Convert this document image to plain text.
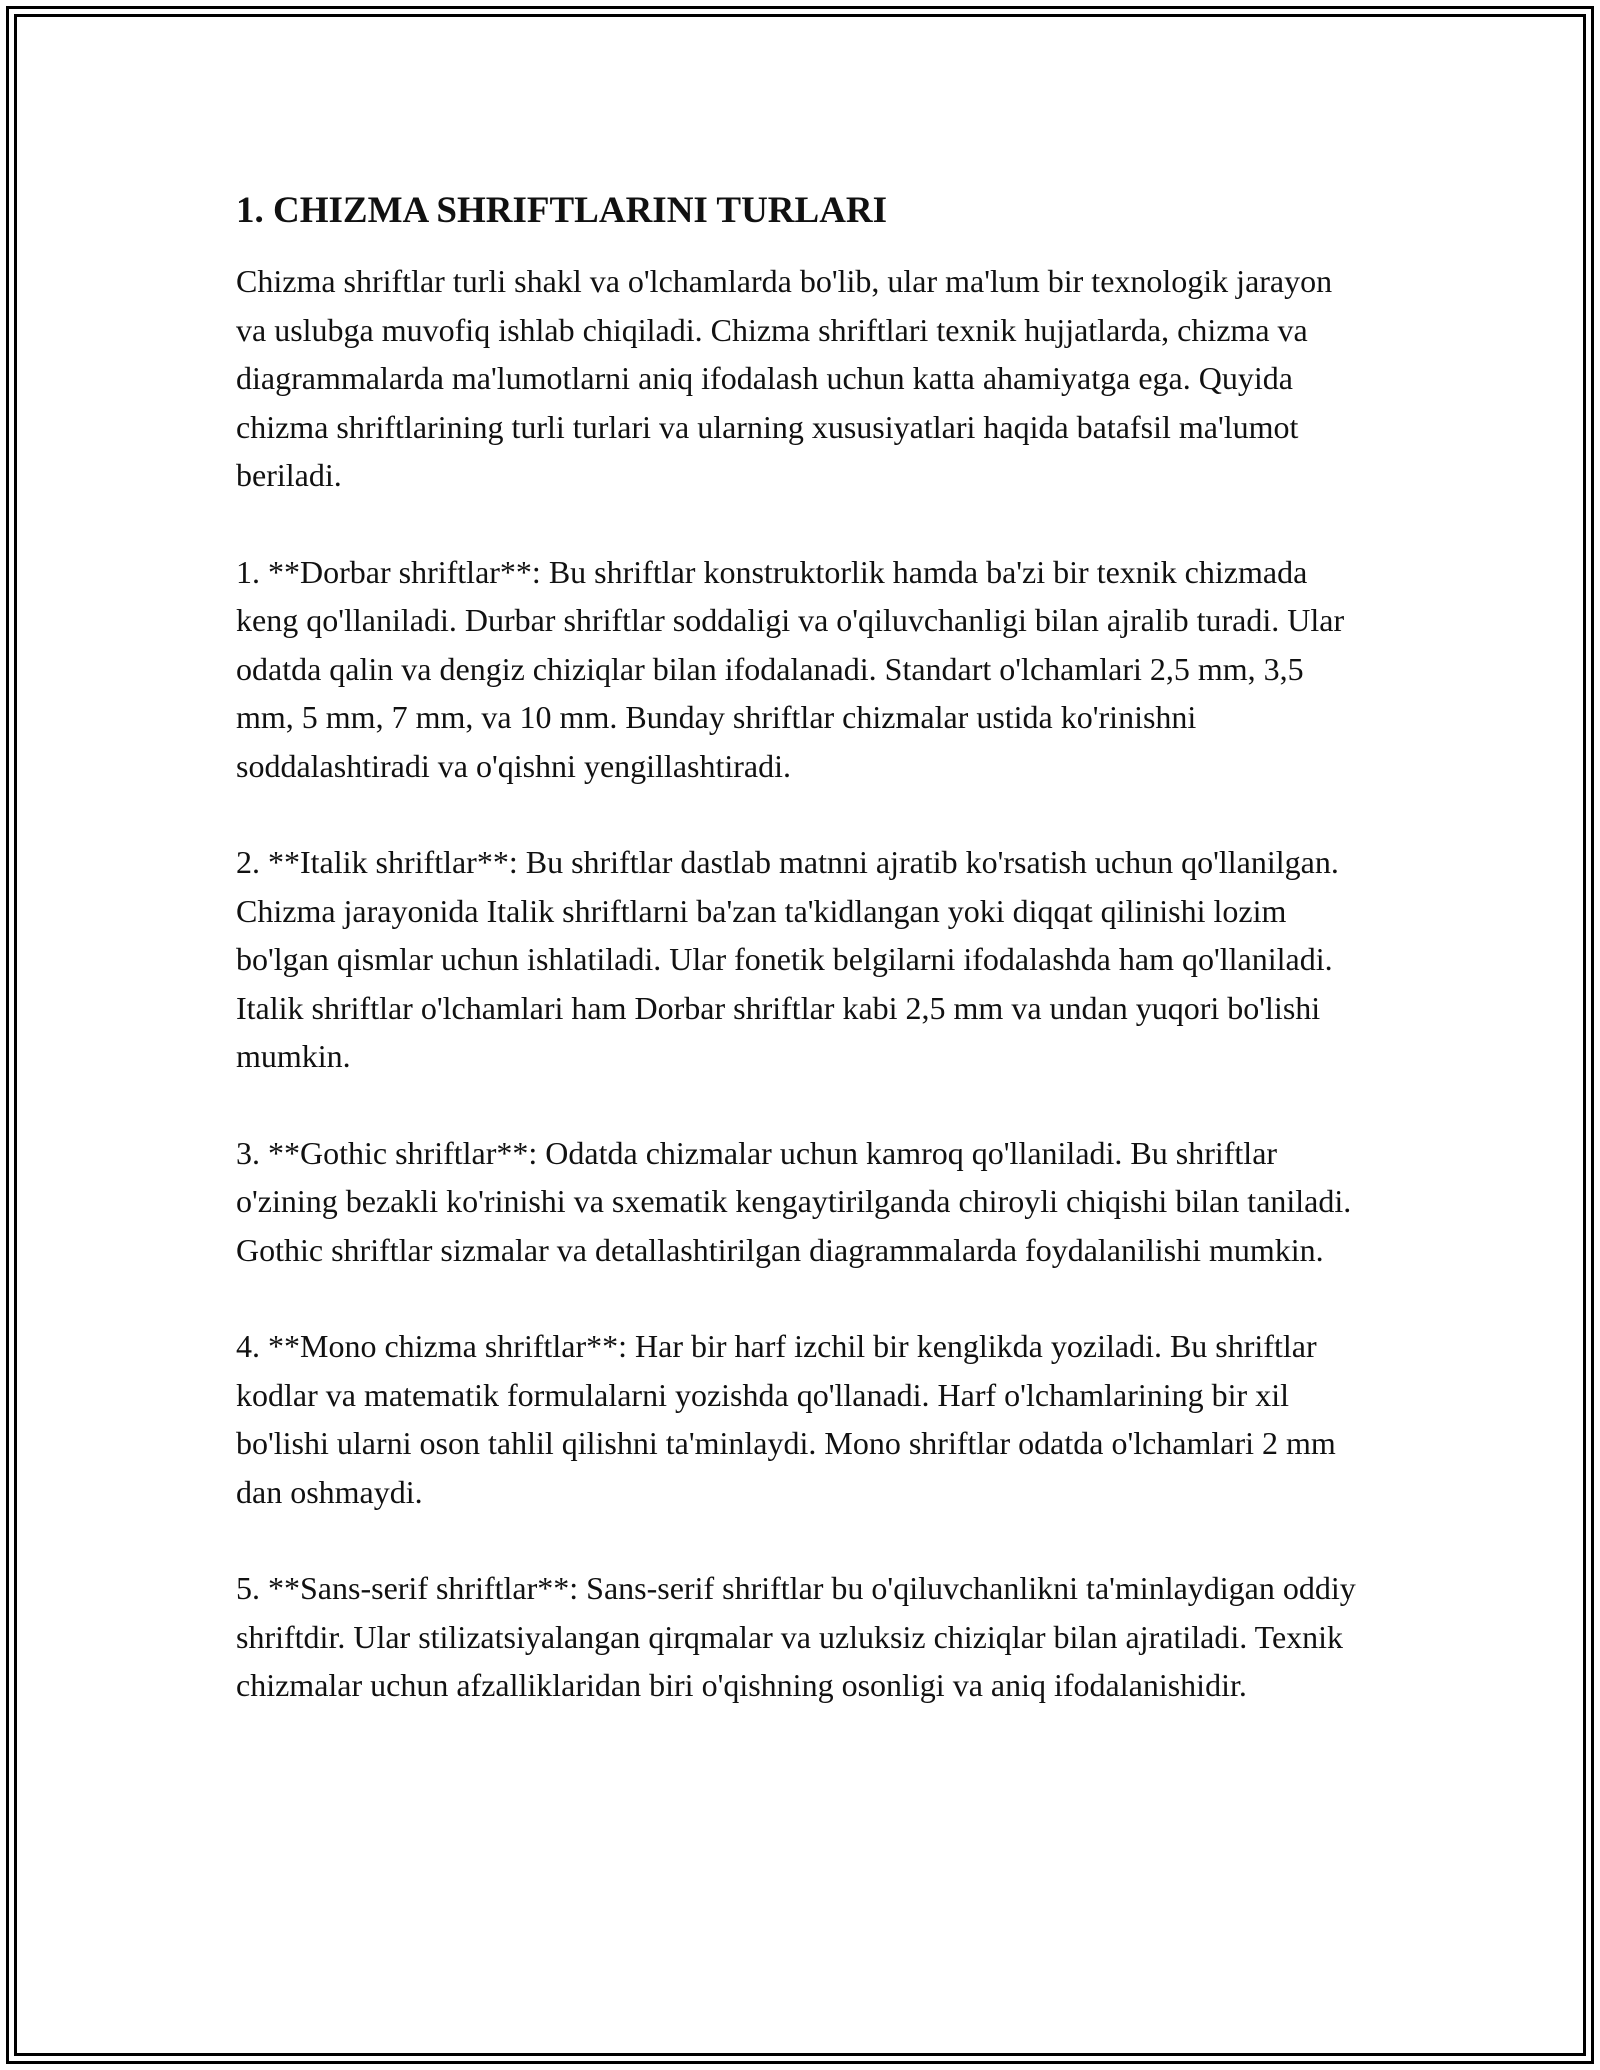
1. CHIZMA SHRIFTLARINI TURLARI

Chizma shriftlar turli shakl va o'lchamlarda bo'lib, ular ma'lum bir texnologik jarayon va uslubga muvofiq ishlab chiqiladi. Chizma shriftlari texnik hujjatlarda, chizma va diagrammalarda ma'lumotlarni aniq ifodalash uchun katta ahamiyatga ega. Quyida chizma shriftlarining turli turlari va ularning xususiyatlari haqida batafsil ma'lumot beriladi.

1. **Dorbar shriftlar**: Bu shriftlar konstruktorlik hamda ba'zi bir texnik chizmada keng qo'llaniladi. Durbar shriftlar soddaligi va o'qiluvchanligi bilan ajralib turadi. Ular odatda qalin va dengiz chiziqlar bilan ifodalanadi. Standart o'lchamlari 2,5 mm, 3,5 mm, 5 mm, 7 mm, va 10 mm. Bunday shriftlar chizmalar ustida ko'rinishni soddalashtiradi va o'qishni yengillashtiradi.

2. **Italik shriftlar**: Bu shriftlar dastlab matnni ajratib ko'rsatish uchun qo'llanilgan. Chizma jarayonida Italik shriftlarni ba'zan ta'kidlangan yoki diqqat qilinishi lozim bo'lgan qismlar uchun ishlatiladi. Ular fonetik belgilarni ifodalashda ham qo'llaniladi. Italik shriftlar o'lchamlari ham Dorbar shriftlar kabi 2,5 mm va undan yuqori bo'lishi mumkin.

3. **Gothic shriftlar**: Odatda chizmalar uchun kamroq qo'llaniladi. Bu shriftlar o'zining bezakli ko'rinishi va sxematik kengaytirilganda chiroyli chiqishi bilan taniladi. Gothic shriftlar sizmalar va detallashtirilgan diagrammalarda foydalanilishi mumkin.

4. **Mono chizma shriftlar**: Har bir harf izchil bir kenglikda yoziladi. Bu shriftlar kodlar va matematik formulalarni yozishda qo'llanadi. Harf o'lchamlarining bir xil bo'lishi ularni oson tahlil qilishni ta'minlaydi. Mono shriftlar odatda o'lchamlari 2 mm dan oshmaydi.

5. **Sans-serif shriftlar**: Sans-serif shriftlar bu o'qiluvchanlikni ta'minlaydigan oddiy shriftdir. Ular stilizatsiyalangan qirqmalar va uzluksiz chiziqlar bilan ajratiladi. Texnik chizmalar uchun afzalliklaridan biri o'qishning osonligi va aniq ifodalanishidir.
